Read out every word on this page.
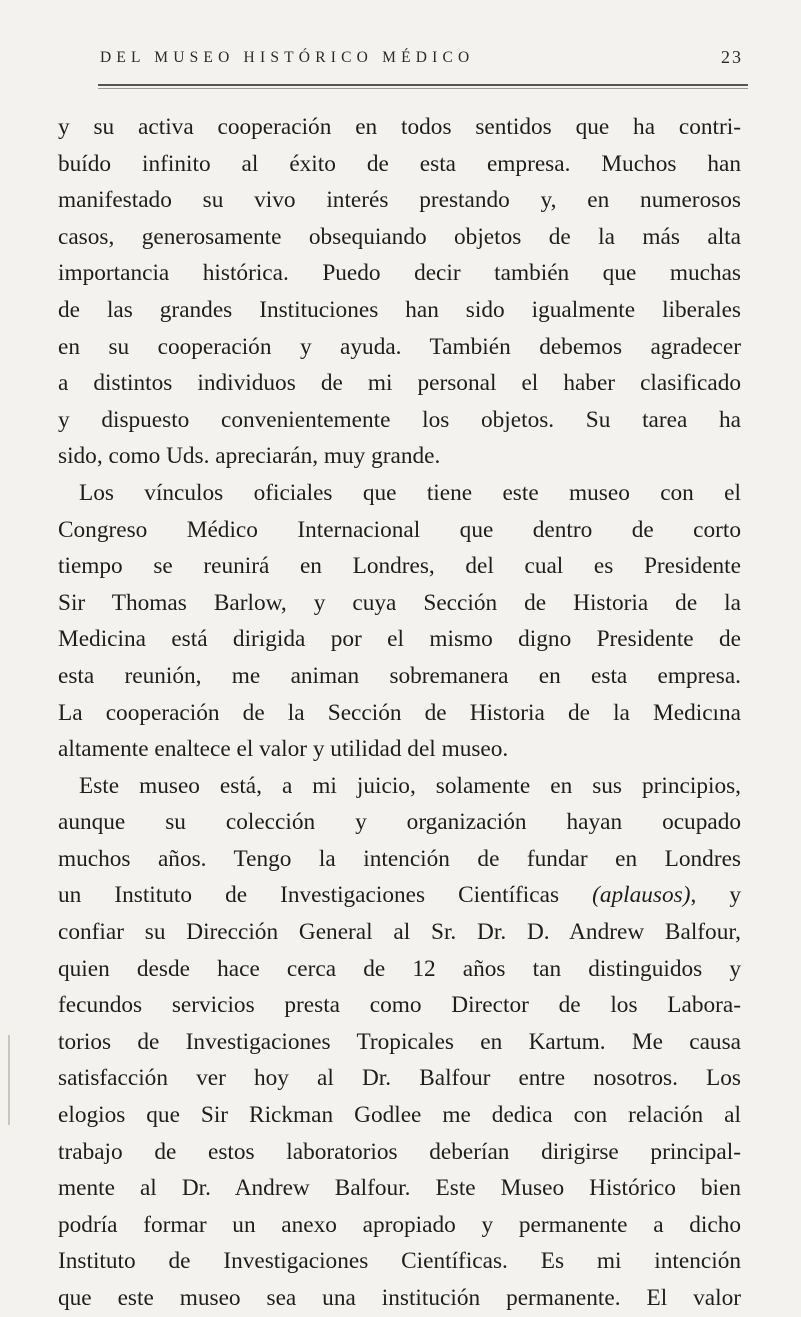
DEL MUSEO HISTÓRICO MÉDICO	23
y su activa cooperación en todos sentidos que ha contri-
buído infinito al éxito de esta empresa. Muchos han
manifestado su vivo interés prestando y, en numerosos
casos, generosamente obsequiando objetos de la más alta
importancia histórica. Puedo decir también que muchas
de las grandes Instituciones han sido igualmente liberales
en su cooperación y ayuda. También debemos agradecer
a distintos individuos de mi personal el haber clasificado
y dispuesto convenientemente los objetos. Su tarea ha
sido, como Uds. apreciarán, muy grande.
Los vínculos oficiales que tiene este museo con el
Congreso Médico Internacional que dentro de corto
tiempo se reunirá en Londres, del cual es Presidente
Sir Thomas Barlow, y cuya Sección de Historia de la
Medicina está dirigida por el mismo digno Presidente de
esta reunión, me animan sobremanera en esta empresa.
La cooperación de la Sección de Historia de la Medicına
altamente enaltece el valor y utilidad del museo.
Este museo está, a mi juicio, solamente en sus principios,
aunque su colección y organización hayan ocupado
muchos años. Tengo la intención de fundar en Londres
un Instituto de Investigaciones Científicas (aplausos), y
confiar su Dirección General al Sr. Dr. D. Andrew Balfour,
quien desde hace cerca de 12 años tan distinguidos y
fecundos servicios presta como Director de los Labora-
torios de Investigaciones Tropicales en Kartum. Me causa
satisfacción ver hoy al Dr. Balfour entre nosotros. Los
elogios que Sir Rickman Godlee me dedica con relación al
trabajo de estos laboratorios deberían dirigirse principal-
mente al Dr. Andrew Balfour. Este Museo Histórico bien
podría formar un anexo apropiado y permanente a dicho
Instituto de Investigaciones Científicas. Es mi intención
que este museo sea una institución permanente. El valor
